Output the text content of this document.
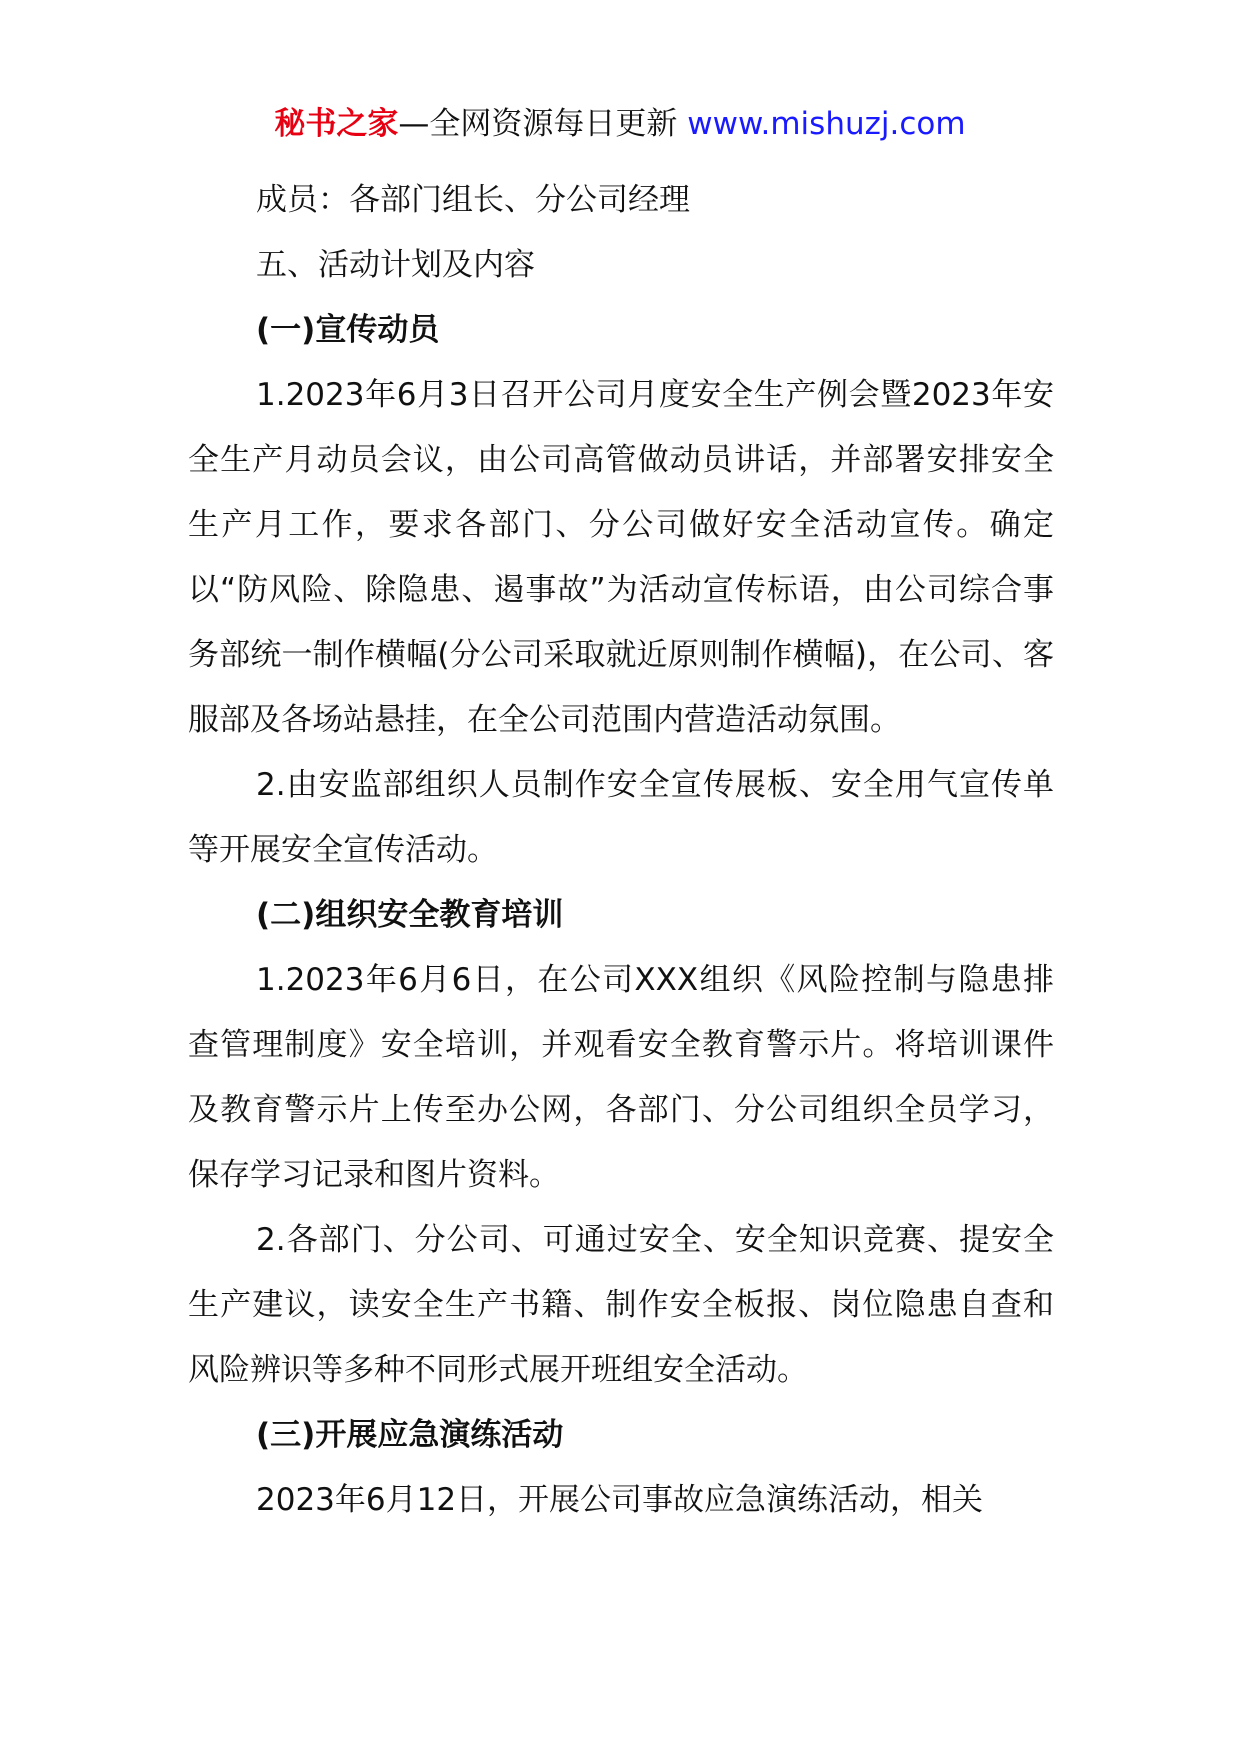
秘书之家—全网资源每日更新 www.mishuzj.com

成员：各部门组长、分公司经理

五、活动计划及内容

(一)宣传动员

1.2023年6月3日召开公司月度安全生产例会暨2023年安全生产月动员会议，由公司高管做动员讲话，并部署安排安全生产月工作，要求各部门、分公司做好安全活动宣传。确定以“防风险、除隐患、遏事故”为活动宣传标语，由公司综合事务部统一制作横幅(分公司采取就近原则制作横幅)，在公司、客服部及各场站悬挂，在全公司范围内营造活动氛围。

2.由安监部组织人员制作安全宣传展板、安全用气宣传单等开展安全宣传活动。

(二)组织安全教育培训

1.2023年6月6日，在公司XXX组织《风险控制与隐患排查管理制度》安全培训，并观看安全教育警示片。将培训课件及教育警示片上传至办公网，各部门、分公司组织全员学习，保存学习记录和图片资料。

2.各部门、分公司、可通过安全、安全知识竞赛、提安全生产建议，读安全生产书籍、制作安全板报、岗位隐患自查和风险辨识等多种不同形式展开班组安全活动。

(三)开展应急演练活动

2023年6月12日，开展公司事故应急演练活动，相关
